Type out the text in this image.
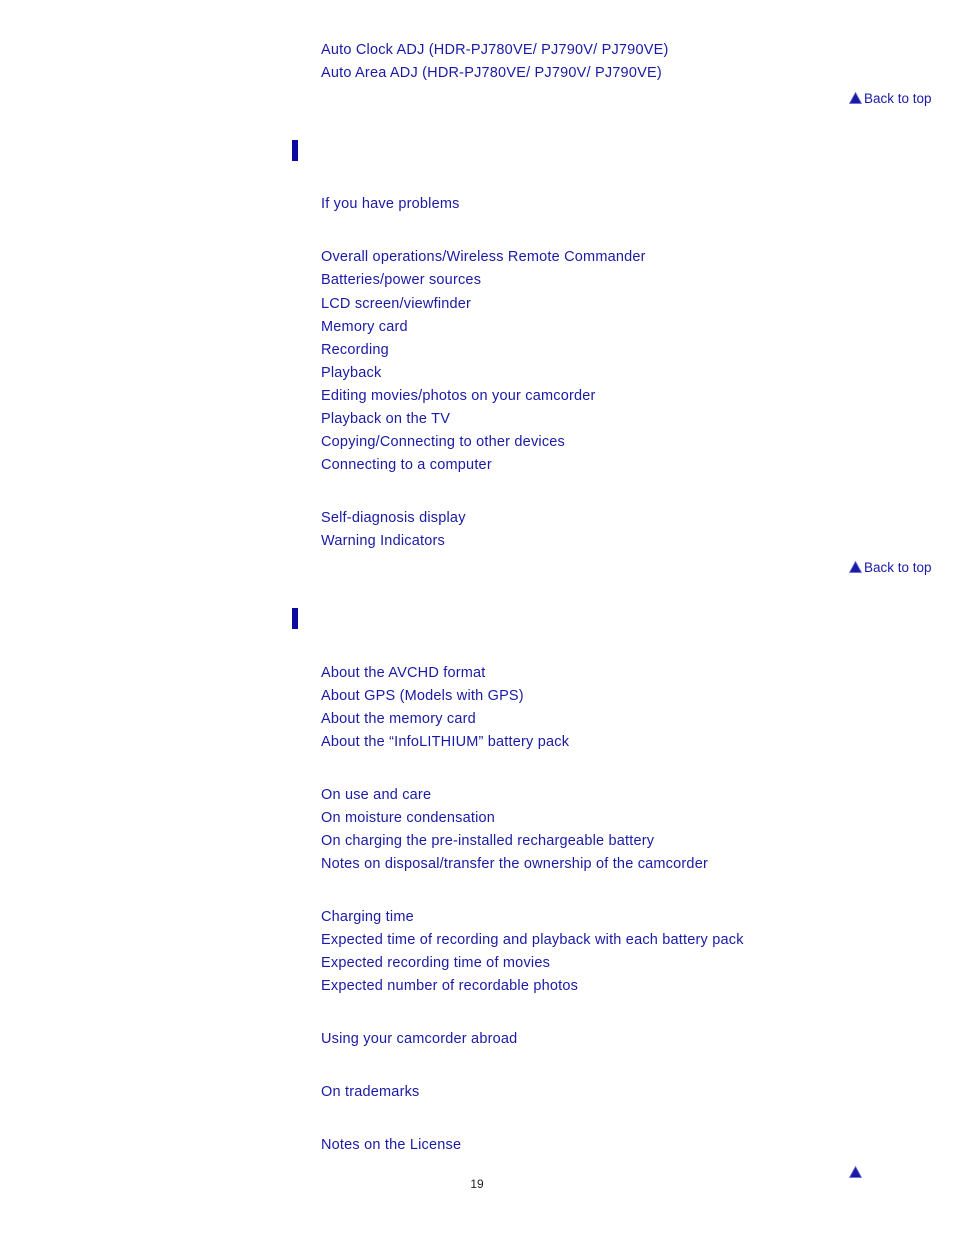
Auto Clock ADJ (HDR-PJ780VE/ PJ790V/ PJ790VE)
Auto Area ADJ (HDR-PJ780VE/ PJ790V/ PJ790VE)
Back to top
If you have problems
Overall operations/Wireless Remote Commander
Batteries/power sources
LCD screen/viewfinder
Memory card
Recording
Playback
Editing movies/photos on your camcorder
Playback on the TV
Copying/Connecting to other devices
Connecting to a computer
Self-diagnosis display
Warning Indicators
Back to top
About the AVCHD format
About GPS (Models with GPS)
About the memory card
About the “InfoLITHIUM” battery pack
On use and care
On moisture condensation
On charging the pre-installed rechargeable battery
Notes on disposal/transfer the ownership of the camcorder
Charging time
Expected time of recording and playback with each battery pack
Expected recording time of movies
Expected number of recordable photos
Using your camcorder abroad
On trademarks
Notes on the License
19
